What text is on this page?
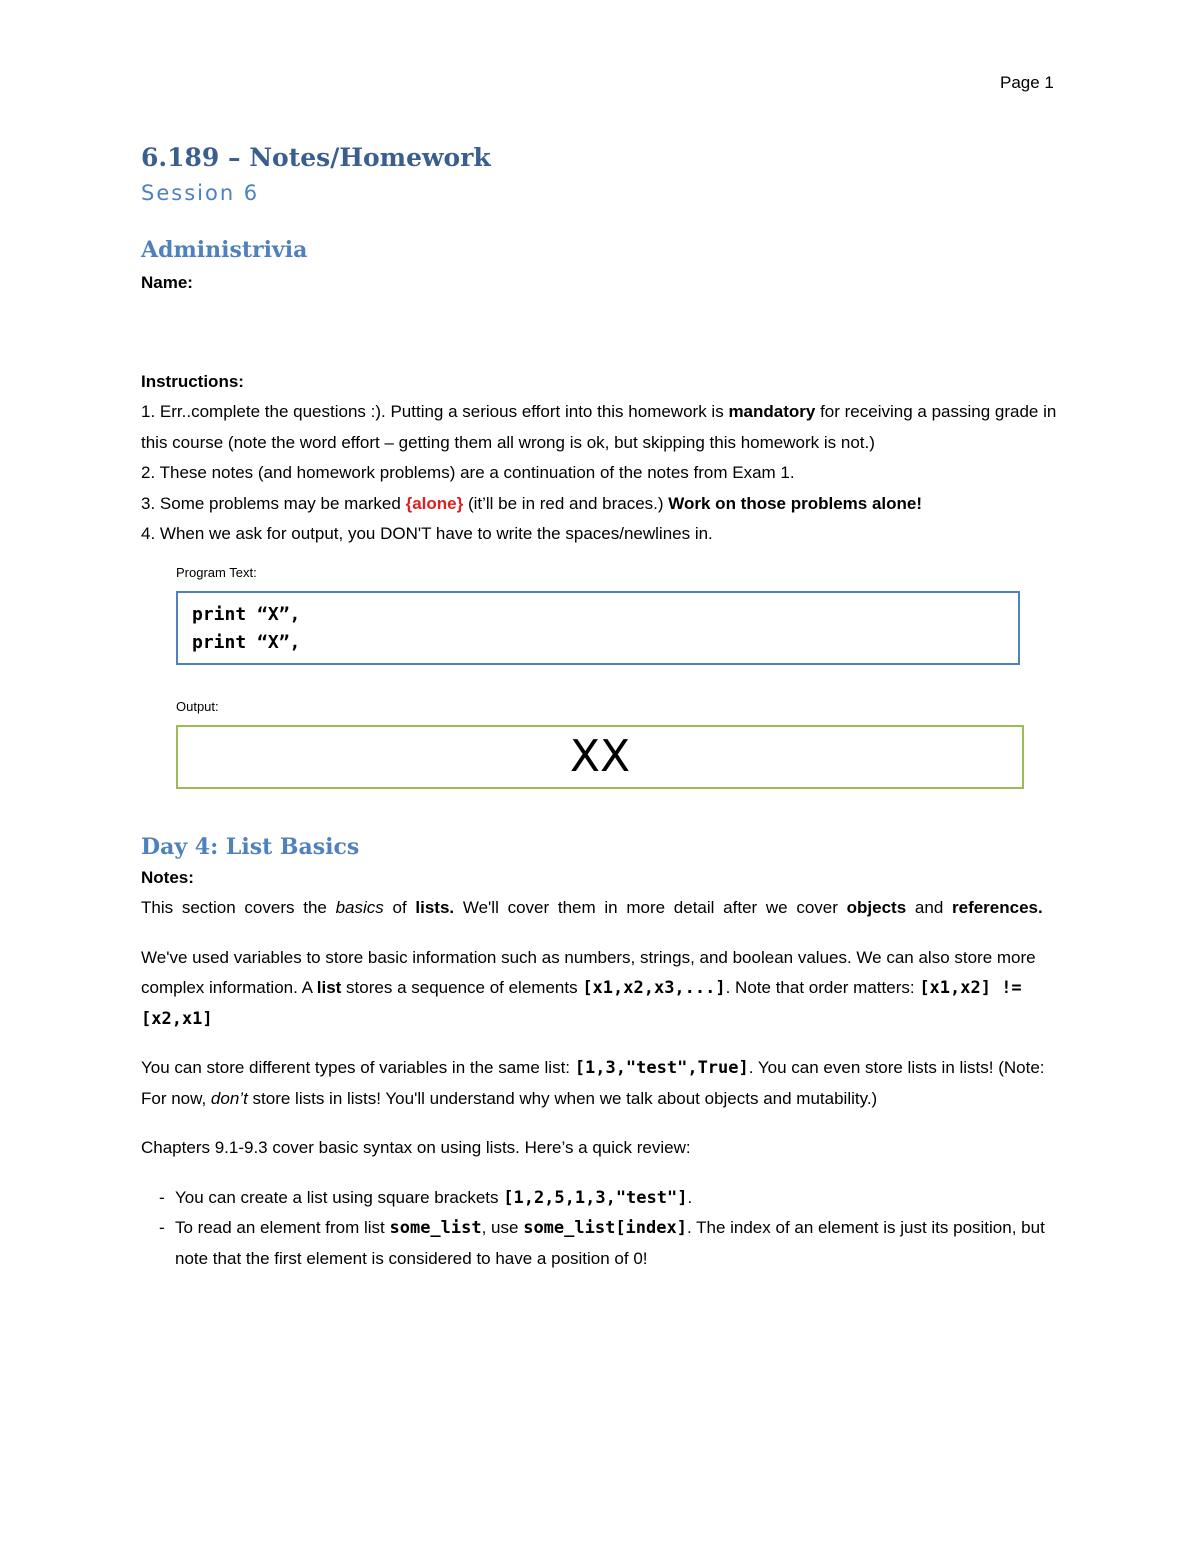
Page 1
6.189 – Notes/Homework
Session 6
Administrivia

Name:

Instructions:

1. Err..complete the questions :). Putting a serious effort into this homework is mandatory for receiving a passing grade in this course (note the word effort – getting them all wrong is ok, but skipping this homework is not.)

2. These notes (and homework problems) are a continuation of the notes from Exam 1.

3. Some problems may be marked {alone} (it’ll be in red and braces.) Work on those problems alone!

4. When we ask for output, you DON'T have to write the spaces/newlines in.

Program Text:

print “X”,
print “X”,

Output:

XX
Day 4: List Basics

Notes:

This section covers the basics of lists. We'll cover them in more detail after we cover objects and references.

We've used variables to store basic information such as numbers, strings, and boolean values. We can also store more complex information. A list stores a sequence of elements [x1,x2,x3,...]. Note that order matters: [x1,x2] != [x2,x1]

You can store different types of variables in the same list: [1,3,"test",True]. You can even store lists in lists! (Note: For now, don’t store lists in lists! You'll understand why when we talk about objects and mutability.)

Chapters 9.1-9.3 cover basic syntax on using lists. Here’s a quick review:

- You can create a list using square brackets [1,2,5,1,3,"test"].
- To read an element from list some_list, use some_list[index]. The index of an element is just its position, but note that the first element is considered to have a position of 0!
